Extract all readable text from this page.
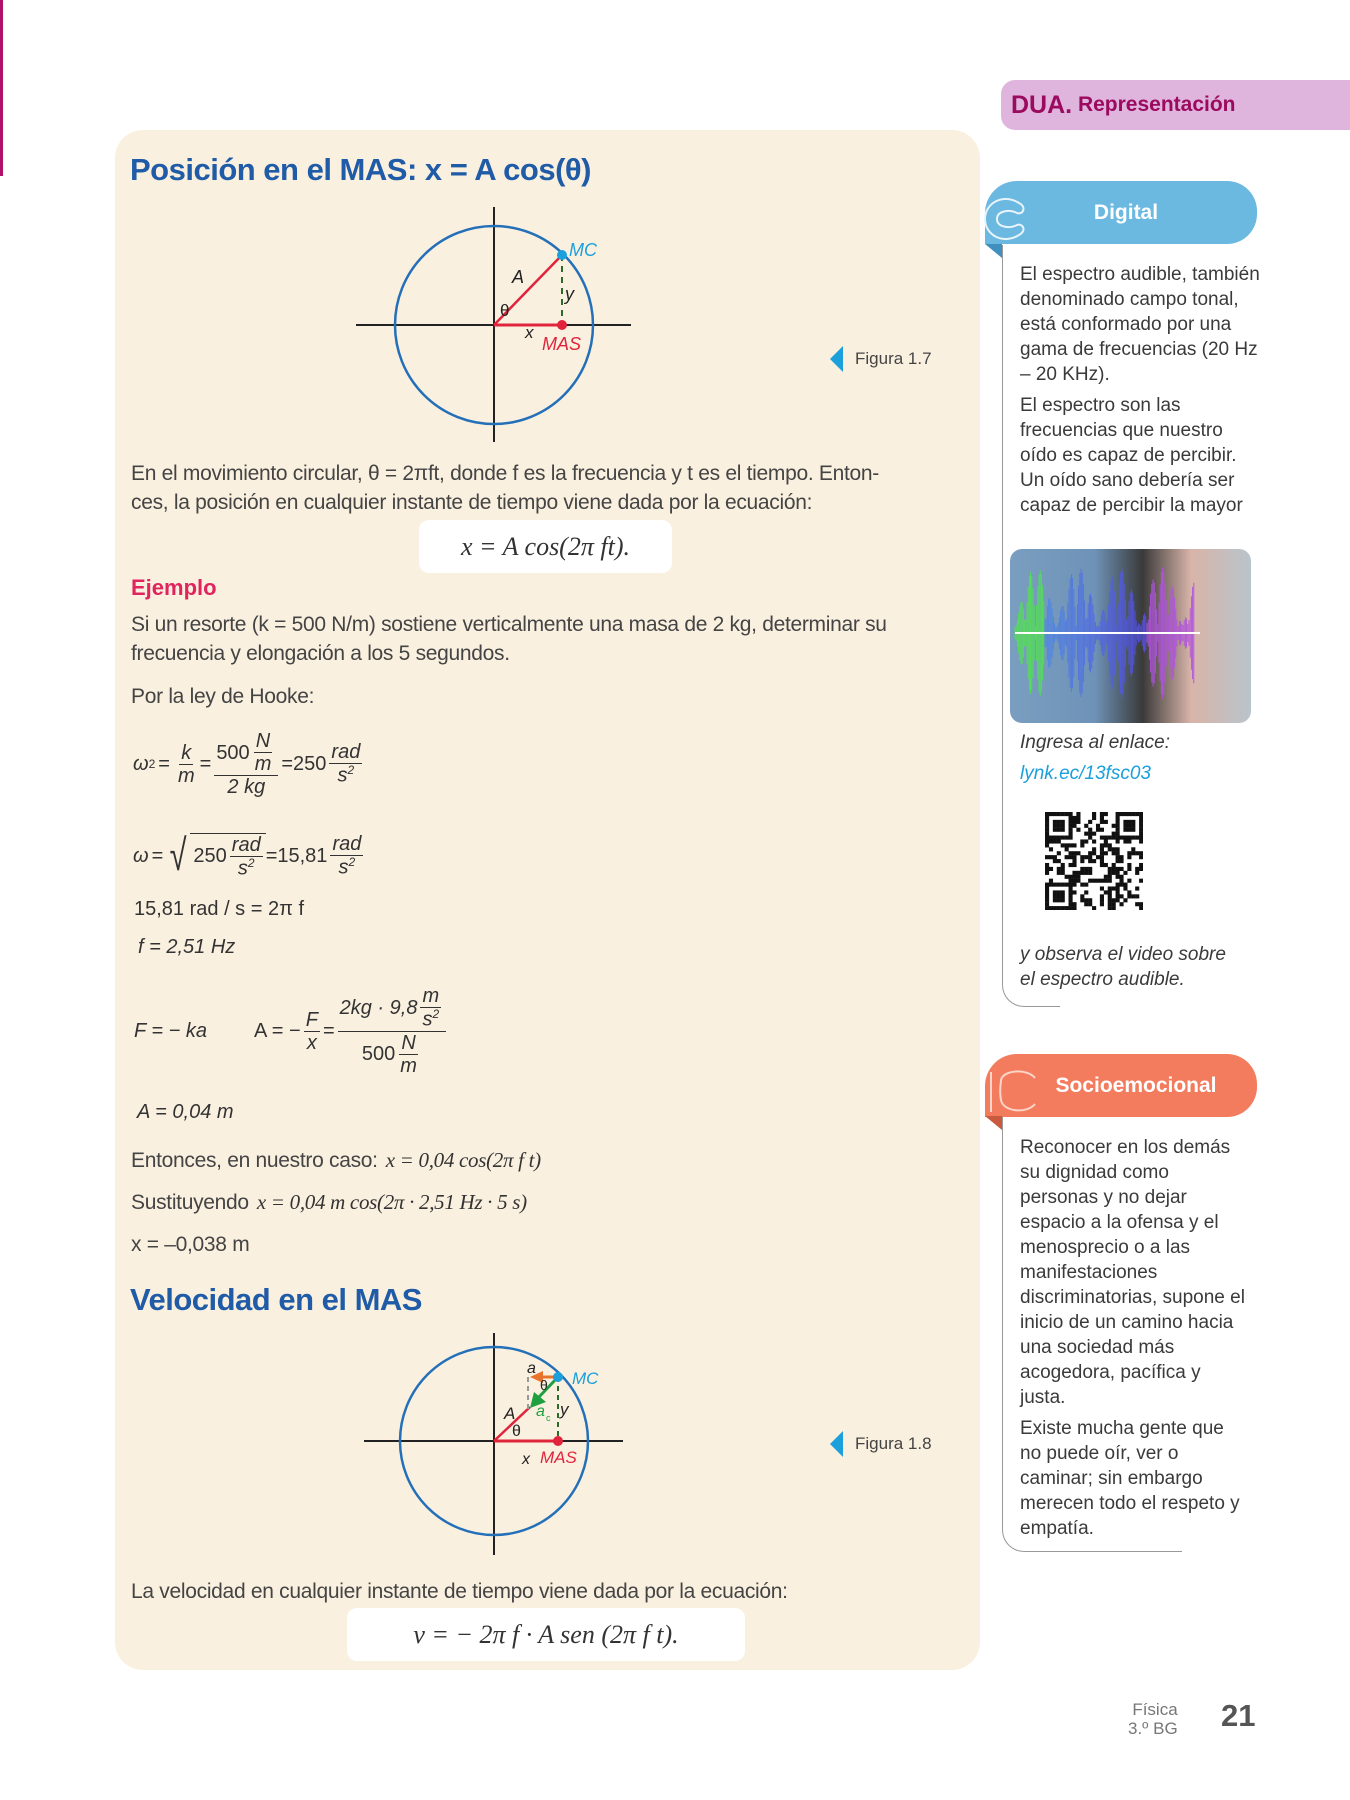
Posición en el MAS: x = A cos(θ)
MC
MAS
A
y
θ
x
Figura 1.7
En el movimiento circular, θ = 2πft, donde f es la frecuencia y t es el tiempo. Enton-
ces, la posición en cualquier instante de tiempo viene dada por la ecuación:
x = A cos(2π ft).
Ejemplo
Si un resorte (k = 500 N/m) sostiene verticalmente una masa de 2 kg, determinar su
frecuencia y elongación a los 5 segundos.
Por la ley de Hooke:
ω $2 = \frac{k}{m} = \frac{500 \frac{N}{m}}{2 kg} =250 \frac{\text{rad}}{s^2}$
ω = √ $250 \frac{\text{rad}}{s^2} =15,81 \frac{\text{rad}}{s^2}$
15,81 rad / s = 2π f
f = 2,51 Hz
F = − ka	A = − $\frac{F}{x} = \frac{2kg \cdot 9,8 \frac{m}{s^2}}{500 \frac{N}{m}}$
A = 0,04 m
Entonces, en nuestro caso: x = 0,04 cos(2π f t)
Sustituyendo x = 0,04 m cos(2π · 2,51 Hz · 5 s)
x = –0,038 m
Velocidad en el MAS
MC
MAS
A	y
θ
θ
x
a
a c
Figura 1.8
La velocidad en cualquier instante de tiempo viene dada por la ecuación:
v = − 2π f · A sen (2π f t).
DUA. Representación
Digital

El espectro audible, también denominado campo tonal, está conformado por una gama de frecuencias (20 Hz – 20 KHz).

El espectro son las frecuencias que nuestro oído es capaz de percibir. Un oído sano debería ser capaz de percibir la mayor

Ingresa al enlace:
lynk.ec/13fsc03
y observa el video sobre el espectro audible.
Socioemocional

Reconocer en los demás su dignidad como personas y no dejar espacio a la ofensa y el menosprecio o a las manifestaciones discriminatorias, supone el inicio de un camino hacia una sociedad más acogedora, pacífica y justa.

Existe mucha gente que no puede oír, ver o caminar; sin embargo merecen todo el respeto y empatía.

Física
3.º BG 21
